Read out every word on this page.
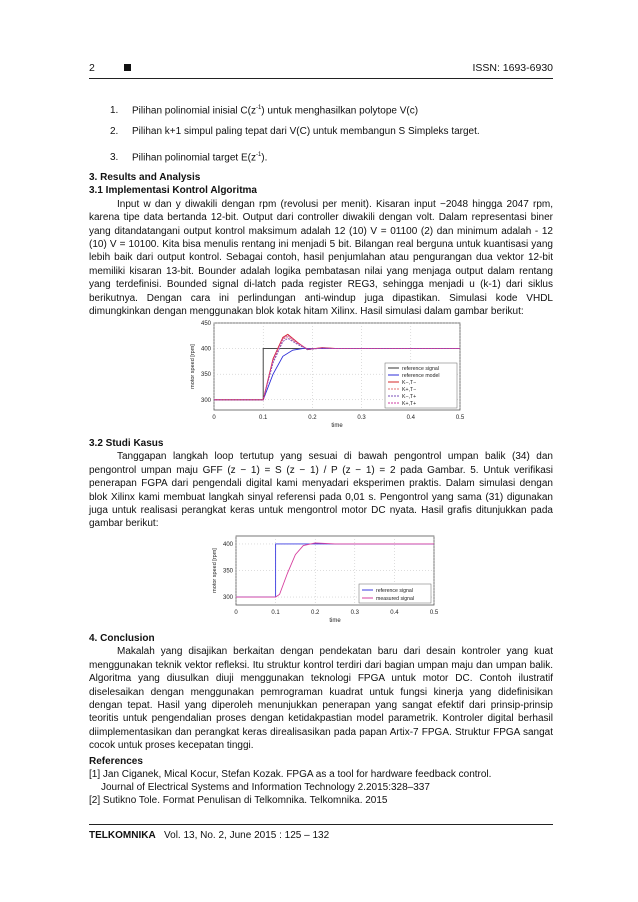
2	ISSN: 1693-6930
1. Pilihan polinomial inisial $C(z^{-1})$ untuk menghasilkan polytope V(c)
2. Pilihan k+1 simpul paling tepat dari V(C) untuk membangun S Simpleks target.
3. Pilihan polinomial target $E(z^{-1})$.
3. Results and Analysis
3.1 Implementasi Kontrol Algoritma

Input w dan y diwakili dengan rpm (revolusi per menit). Kisaran input −2048 hingga 2047 rpm, karena tipe data bertanda 12-bit. Output dari controller diwakili dengan volt. Dalam representasi biner yang ditandatangani output kontrol maksimum adalah 12 (10) V = 01100 (2) dan minimum adalah - 12 (10) V = 10100. Kita bisa menulis rentang ini menjadi 5 bit. Bilangan real berguna untuk kuantisasi yang lebih baik dari output kontrol. Sebagai contoh, hasil penjumlahan atau pengurangan dua vektor 12-bit memiliki kisaran 13-bit. Bounder adalah logika pembatasan nilai yang menjaga output dalam rentang yang terdefinisi. Bounded signal di-latch pada register REG3, sehingga menjadi u (k-1) dari siklus berikutnya. Dengan cara ini perlindungan anti-windup juga dipastikan. Simulasi kode VHDL dimungkinkan dengan menggunakan blok kotak hitam Xilinx. Hasil simulasi dalam gambar berikut:

0	0.1	0.2	0.3	0.4	0.5
300
350
400
450
motor speed [rpm]
time
reference signal
reference model
K−,T−
K+,T−
K−,T+
K+,T+
3.2 Studi Kasus

Tanggapan langkah loop tertutup yang sesuai di bawah pengontrol umpan balik (34) dan pengontrol umpan maju GFF (z − 1) = S (z − 1) / P (z − 1) = 2 pada Gambar. 5. Untuk verifikasi penerapan FGPA dari pengendali digital kami menyadari eksperimen praktis. Dalam simulasi dengan blok Xilinx kami membuat langkah sinyal referensi pada 0,01 s. Pengontrol yang sama (31) digunakan juga untuk realisasi perangkat keras untuk mengontrol motor DC nyata. Hasil grafis ditunjukkan pada gambar berikut:

0	0.1	0.2	0.3	0.4	0.5
300
350
400
motor speed [rpm]
time
reference signal
measured signal
4. Conclusion

Makalah yang disajikan berkaitan dengan pendekatan baru dari desain kontroler yang kuat menggunakan teknik vektor refleksi. Itu struktur kontrol terdiri dari bagian umpan maju dan umpan balik. Algoritma yang diusulkan diuji menggunakan teknologi FPGA untuk motor DC. Contoh ilustratif diselesaikan dengan menggunakan pemrograman kuadrat untuk fungsi kinerja yang didefinisikan dengan tepat. Hasil yang diperoleh menunjukkan penerapan yang sangat efektif dari prinsip-prinsip teoritis untuk pengendalian proses dengan ketidakpastian model parametrik. Kontroler digital berhasil diimplementasikan dan perangkat keras direalisasikan pada papan Artix-7 FPGA. Struktur FPGA sangat cocok untuk proses kecepatan tinggi.

References
[1] Jan Ciganek, Mical Kocur, Stefan Kozak. FPGA as a tool for hardware feedback control.
Journal of Electrical Systems and Information Technology 2.2015:328–337
[2] Sutikno Tole. Format Penulisan di Telkomnika. Telkomnika. 2015
TELKOMNIKA Vol. 13, No. 2, June 2015 : 125 – 132
